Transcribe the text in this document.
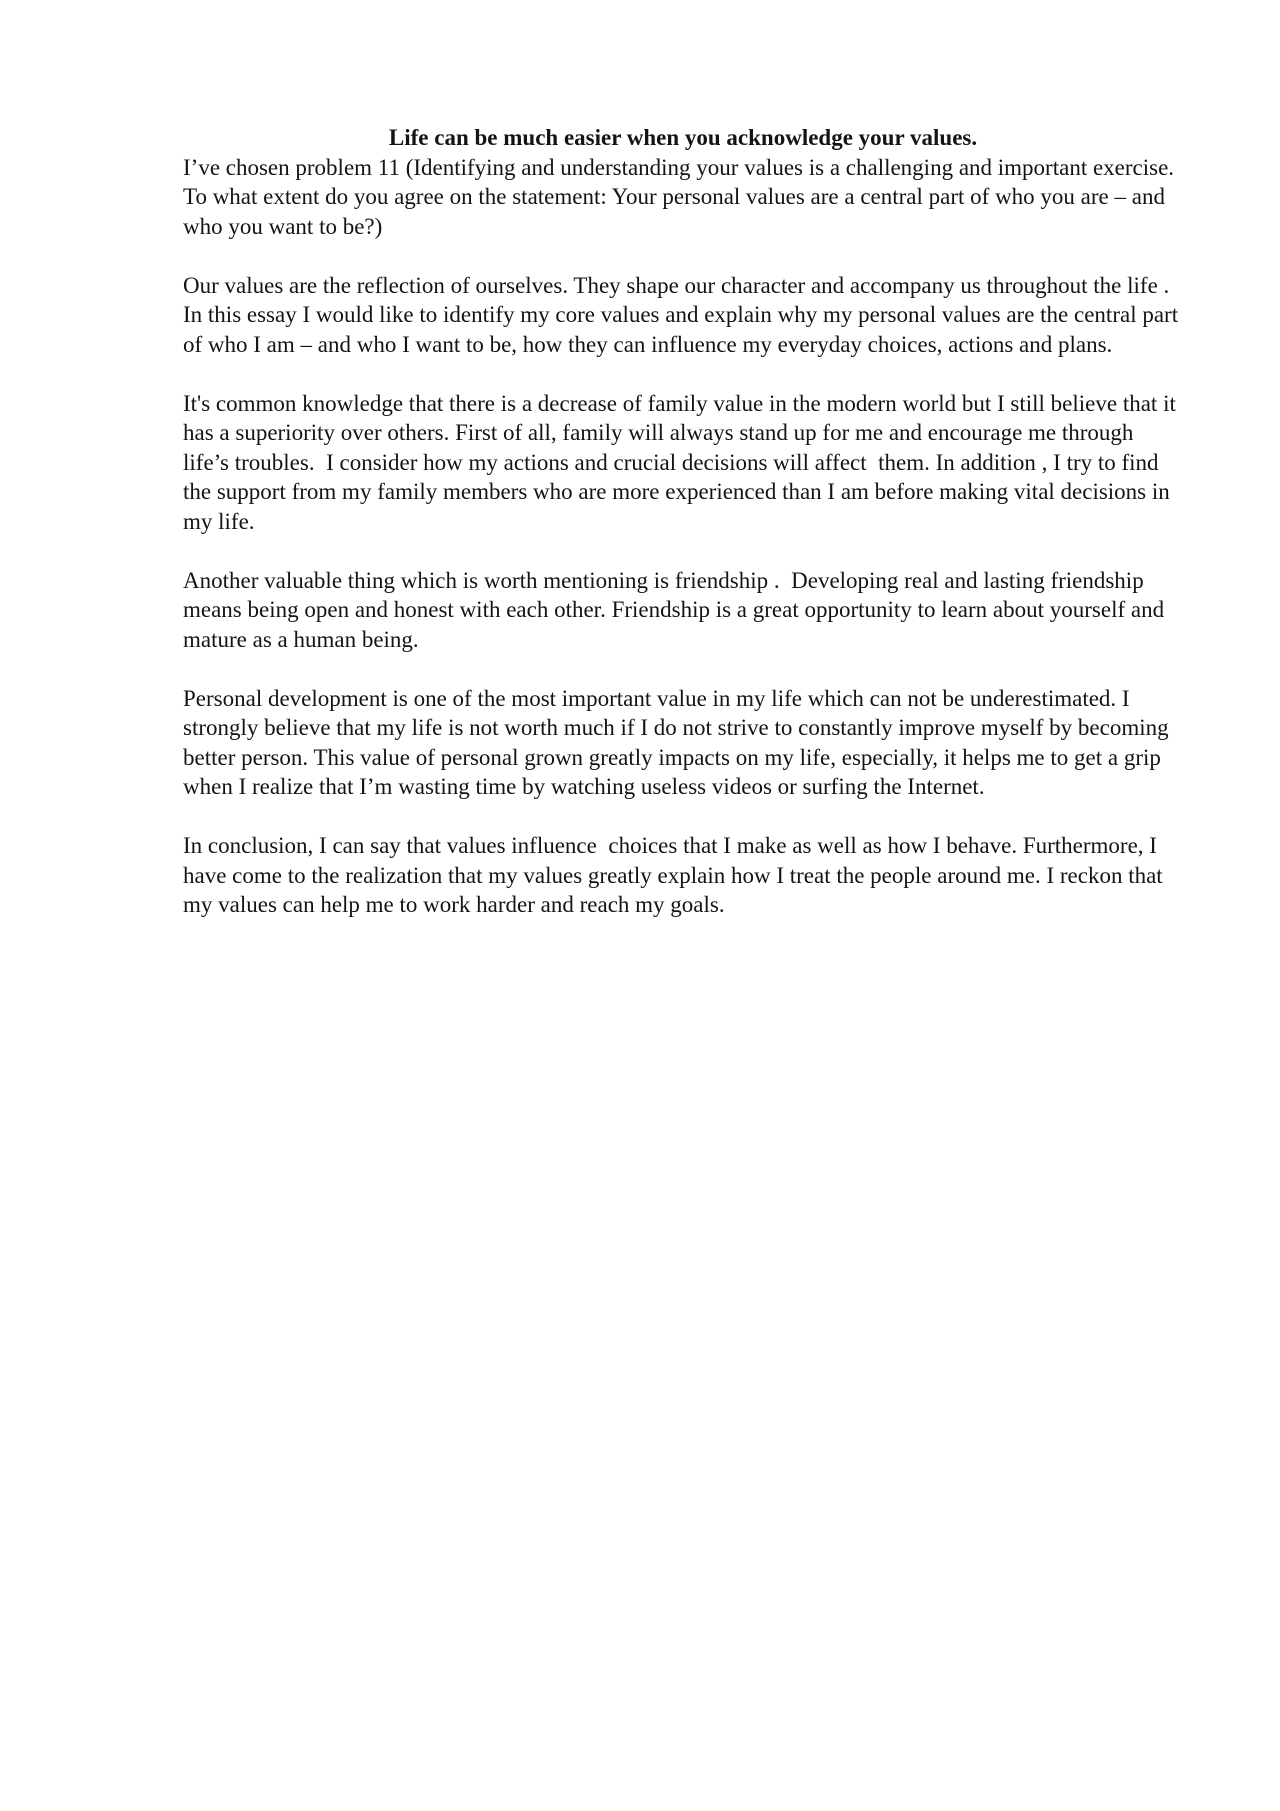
Life can be much easier when you acknowledge your values.

I’ve chosen problem 11 (Identifying and understanding your values is a challenging and important exercise. To what extent do you agree on the statement: Your personal values are a central part of who you are – and who you want to be?)

Our values are the reflection of ourselves. They shape our character and accompany us throughout the life . In this essay I would like to identify my core values and explain why my personal values are the central part of who I am – and who I want to be, how they can influence my everyday choices, actions and plans.

It's common knowledge that there is a decrease of family value in the modern world but I still believe that it has a superiority over others. First of all, family will always stand up for me and encourage me through life’s troubles.  I consider how my actions and crucial decisions will affect  them. In addition , I try to find the support from my family members who are more experienced than I am before making vital decisions in my life.

Another valuable thing which is worth mentioning is friendship .  Developing real and lasting friendship means being open and honest with each other. Friendship is a great opportunity to learn about yourself and mature as a human being.

Personal development is one of the most important value in my life which can not be underestimated. I strongly believe that my life is not worth much if I do not strive to constantly improve myself by becoming better person. This value of personal grown greatly impacts on my life, especially, it helps me to get a grip when I realize that I’m wasting time by watching useless videos or surfing the Internet.

In conclusion, I can say that values influence  choices that I make as well as how I behave. Furthermore, I have come to the realization that my values greatly explain how I treat the people around me. I reckon that my values can help me to work harder and reach my goals.
